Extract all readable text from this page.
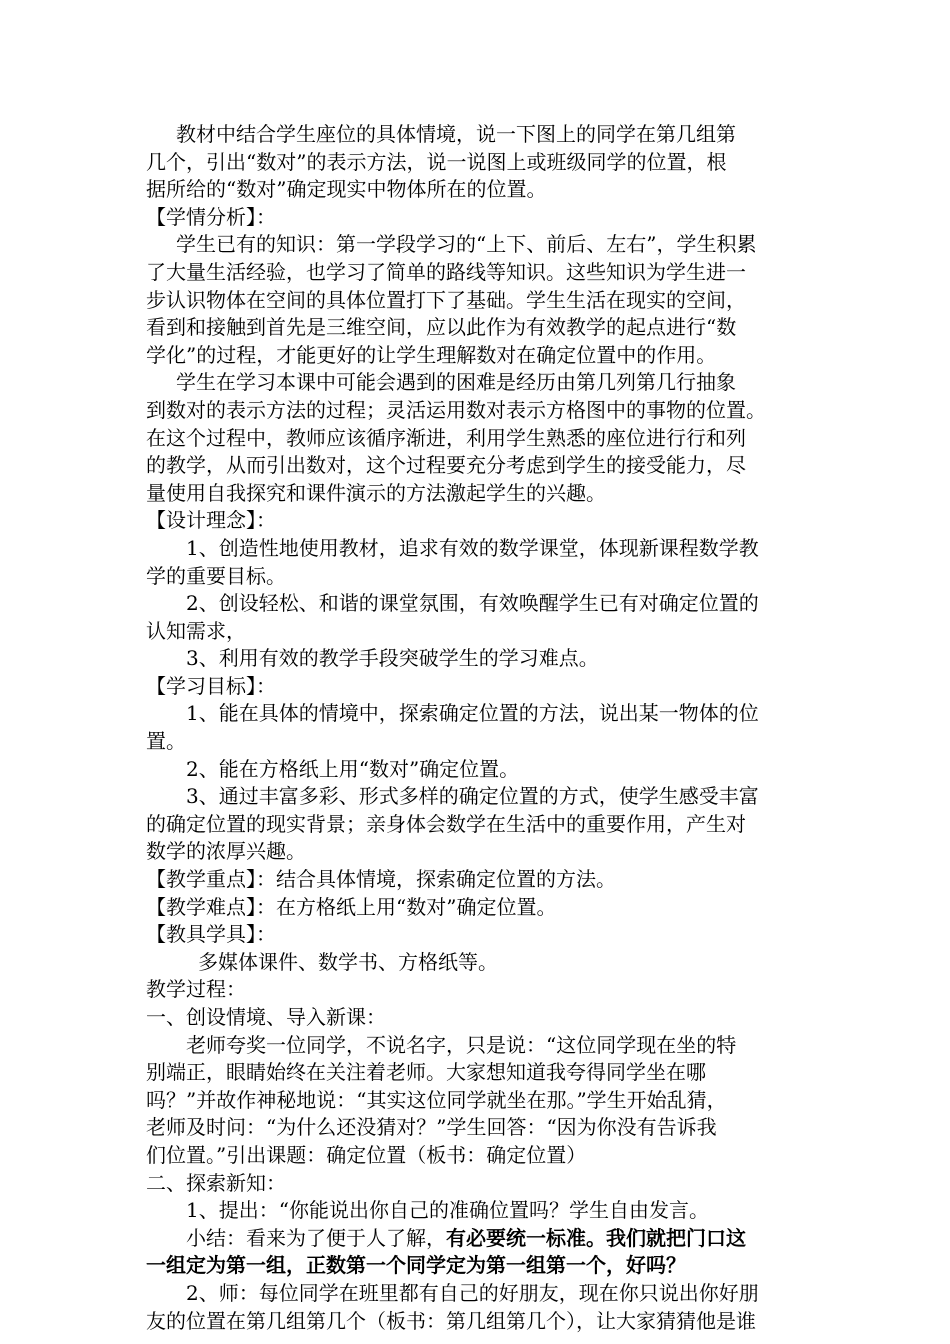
教材中结合学生座位的具体情境，说一下图上的同学在第几组第
几个，引出“数对”的表示方法，说一说图上或班级同学的位置，根
据所给的“数对”确定现实中物体所在的位置。
【学情分析】：
学生已有的知识：第一学段学习的“上下、前后、左右”，学生积累
了大量生活经验，也学习了简单的路线等知识。这些知识为学生进一
步认识物体在空间的具体位置打下了基础。学生生活在现实的空间，
看到和接触到首先是三维空间，应以此作为有效教学的起点进行“数
学化”的过程，才能更好的让学生理解数对在确定位置中的作用。
学生在学习本课中可能会遇到的困难是经历由第几列第几行抽象
到数对的表示方法的过程；灵活运用数对表示方格图中的事物的位置。
在这个过程中，教师应该循序渐进，利用学生熟悉的座位进行行和列
的教学，从而引出数对，这个过程要充分考虑到学生的接受能力，尽
量使用自我探究和课件演示的方法激起学生的兴趣。
【设计理念】：
1、创造性地使用教材，追求有效的数学课堂，体现新课程数学教
学的重要目标。
2、创设轻松、和谐的课堂氛围，有效唤醒学生已有对确定位置的
认知需求，
3、利用有效的教学手段突破学生的学习难点。
【学习目标】：
1、能在具体的情境中，探索确定位置的方法，说出某一物体的位
置。
2、能在方格纸上用“数对”确定位置。
3、通过丰富多彩、形式多样的确定位置的方式，使学生感受丰富
的确定位置的现实背景；亲身体会数学在生活中的重要作用，产生对
数学的浓厚兴趣。
【教学重点】：结合具体情境，探索确定位置的方法。
【教学难点】：在方格纸上用“数对”确定位置。
【教具学具】：
多媒体课件、数学书、方格纸等。
教学过程：
一、创设情境、导入新课：
老师夸奖一位同学，不说名字，只是说：“这位同学现在坐的特
别端正，眼睛始终在关注着老师。大家想知道我夸得同学坐在哪
吗？”并故作神秘地说：“其实这位同学就坐在那。”学生开始乱猜，
老师及时问：“为什么还没猜对？”学生回答：“因为你没有告诉我
们位置。”引出课题：确定位置（板书：确定位置）
二、探索新知：
1、提出：“你能说出你自己的准确位置吗？学生自由发言。
小结：看来为了便于人了解，有必要统一标准。我们就把门口这
一组定为第一组，正数第一个同学定为第一组第一个，好吗？
2、师：每位同学在班里都有自己的好朋友，现在你只说出你好朋
友的位置在第几组第几个（板书：第几组第几个），让大家猜猜他是谁
